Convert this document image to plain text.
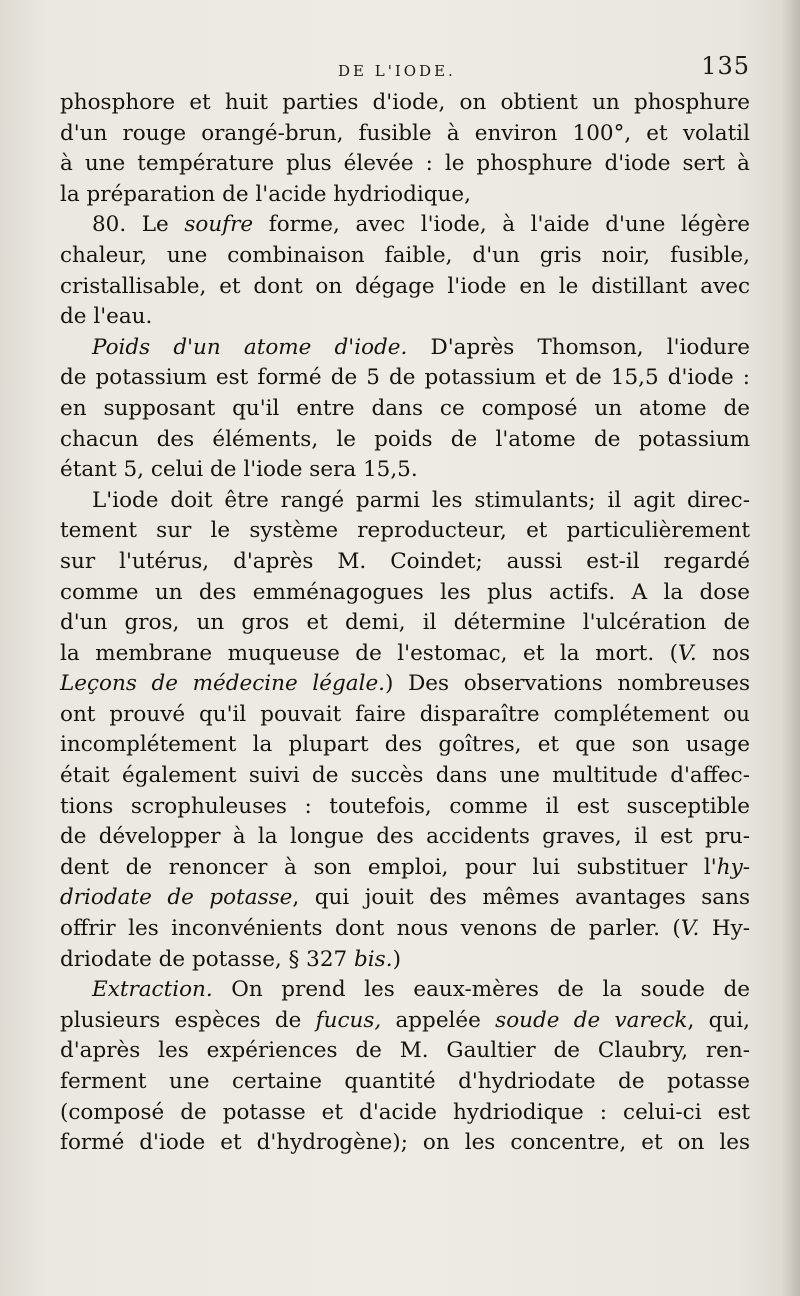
DE L'IODE.	135
phosphore et huit parties d'iode, on obtient un phosphure
d'un rouge orangé-brun, fusible à environ 100°, et volatil
à une température plus élevée : le phosphure d'iode sert à
la préparation de l'acide hydriodique,
80. Le soufre forme, avec l'iode, à l'aide d'une légère
chaleur, une combinaison faible, d'un gris noir, fusible,
cristallisable, et dont on dégage l'iode en le distillant avec
de l'eau.
Poids d'un atome d'iode. D'après Thomson, l'iodure
de potassium est formé de 5 de potassium et de 15,5 d'iode :
en supposant qu'il entre dans ce composé un atome de
chacun des éléments, le poids de l'atome de potassium
étant 5, celui de l'iode sera 15,5.
L'iode doit être rangé parmi les stimulants; il agit direc-
tement sur le système reproducteur, et particulièrement
sur l'utérus, d'après M. Coindet; aussi est-il regardé
comme un des emménagogues les plus actifs. A la dose
d'un gros, un gros et demi, il détermine l'ulcération de
la membrane muqueuse de l'estomac, et la mort. (V. nos
Leçons de médecine légale.) Des observations nombreuses
ont prouvé qu'il pouvait faire disparaître complétement ou
incomplétement la plupart des goîtres, et que son usage
était également suivi de succès dans une multitude d'affec-
tions scrophuleuses : toutefois, comme il est susceptible
de développer à la longue des accidents graves, il est pru-
dent de renoncer à son emploi, pour lui substituer l'hy-
driodate de potasse, qui jouit des mêmes avantages sans
offrir les inconvénients dont nous venons de parler. (V. Hy-
driodate de potasse, § 327 bis.)
Extraction. On prend les eaux-mères de la soude de
plusieurs espèces de fucus, appelée soude de vareck, qui,
d'après les expériences de M. Gaultier de Claubry, ren-
ferment une certaine quantité d'hydriodate de potasse
(composé de potasse et d'acide hydriodique : celui-ci est
formé d'iode et d'hydrogène); on les concentre, et on les
